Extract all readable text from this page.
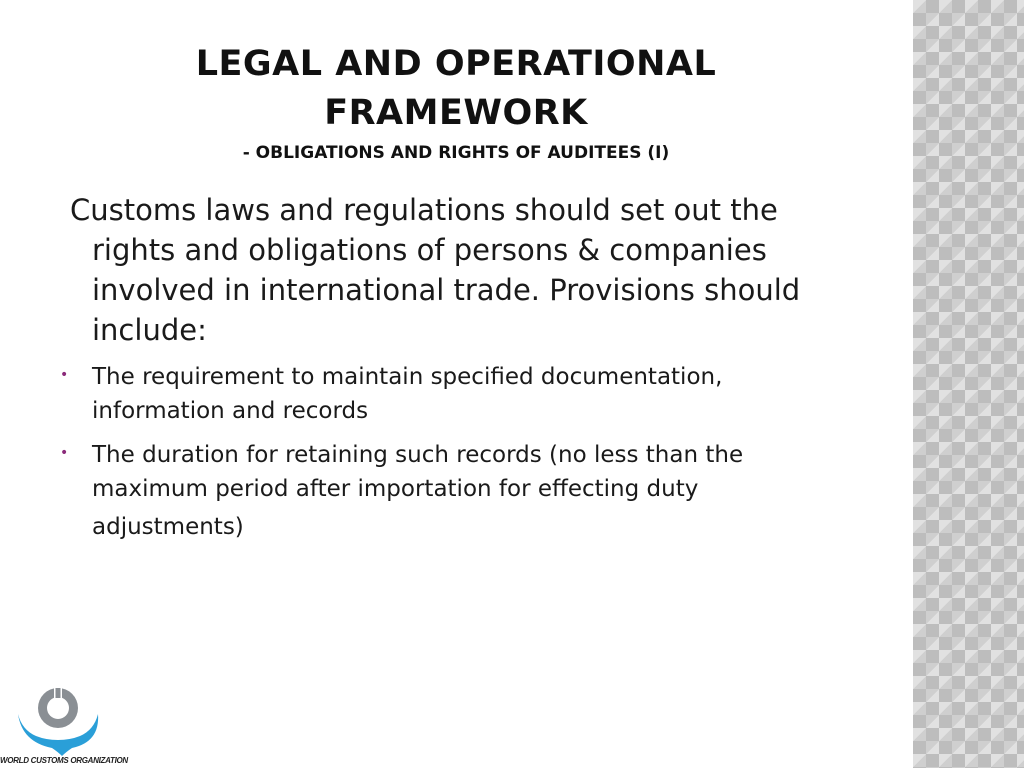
LEGAL AND OPERATIONAL FRAMEWORK
- OBLIGATIONS AND RIGHTS OF AUDITEES (I)

Customs laws and regulations should set out the rights and obligations of persons & companies involved in international trade. Provisions should include:

• The requirement to maintain specified documentation, information and records
• The duration for retaining such records (no less than the maximum period after importation for effecting duty
adjustments)
WORLD CUSTOMS ORGANIZATION
